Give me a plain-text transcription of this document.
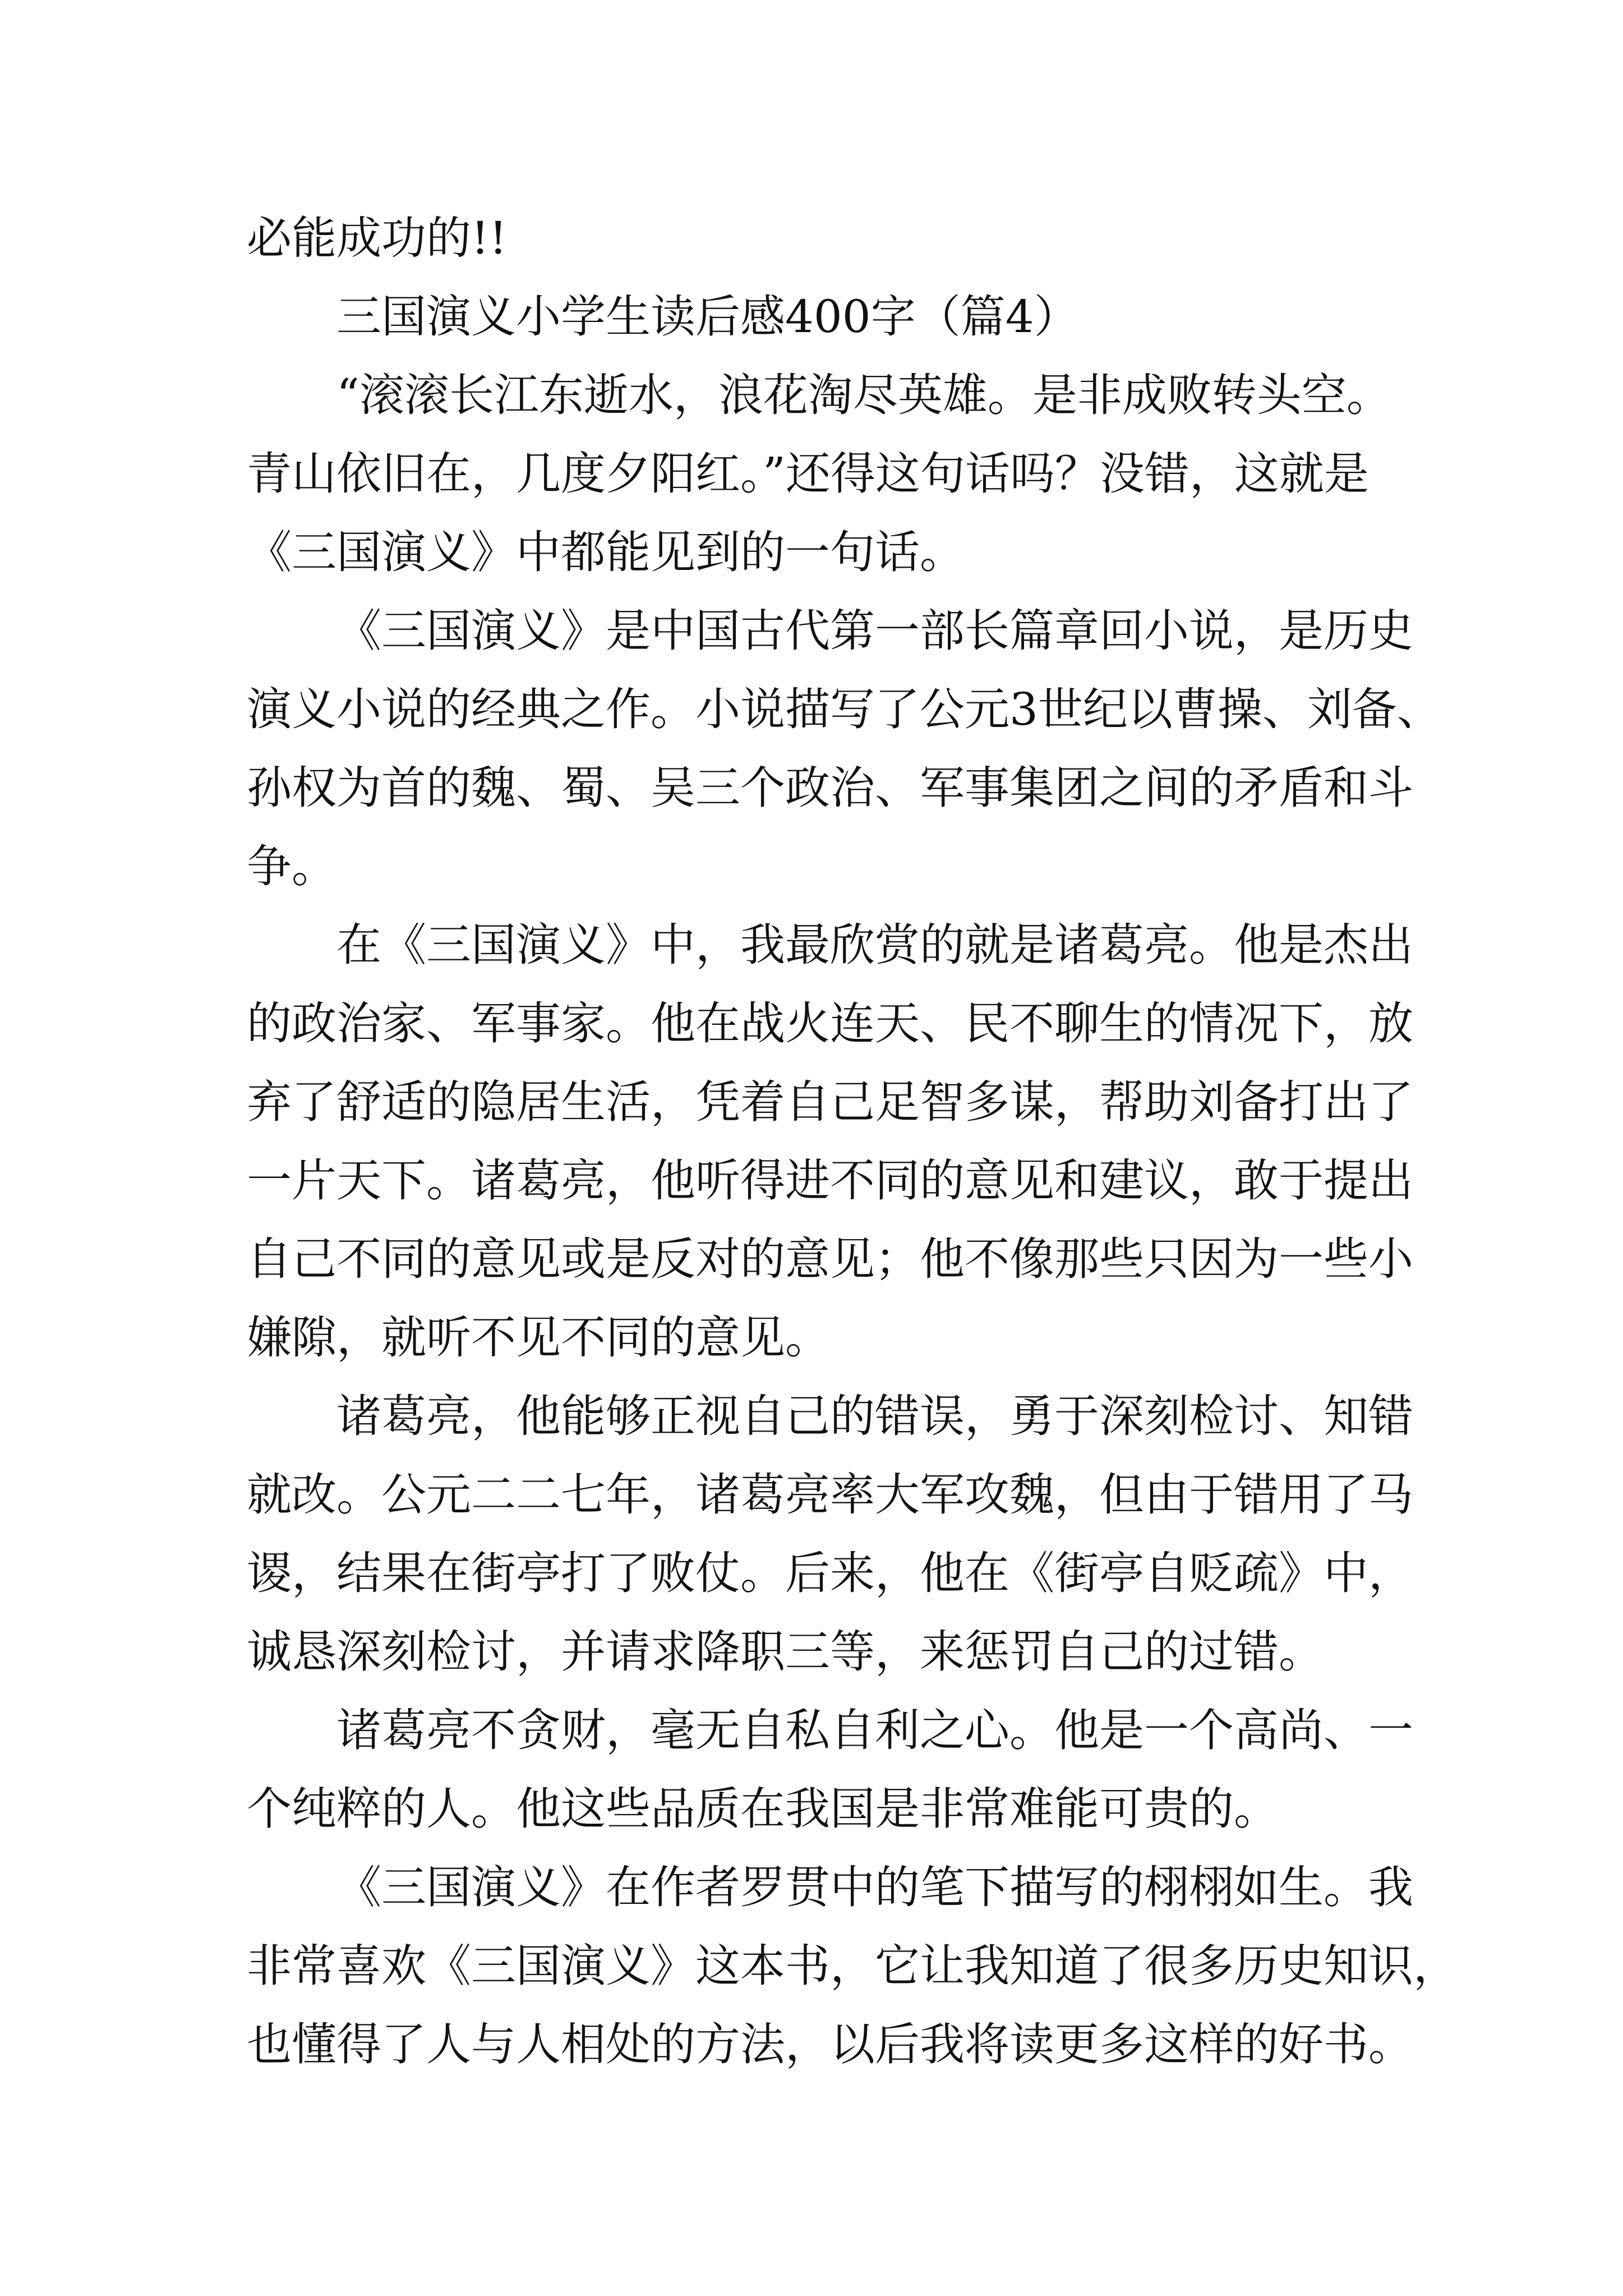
必能成功的!!
三国演义小学生读后感400字（篇4）
“滚滚长江东逝水，浪花淘尽英雄。是非成败转头空。
青山依旧在，几度夕阳红。”还得这句话吗？没错，这就是
《三国演义》中都能见到的一句话。
《三国演义》是中国古代第一部长篇章回小说，是历史
演义小说的经典之作。小说描写了公元3世纪以曹操、刘备、
孙权为首的魏、蜀、吴三个政治、军事集团之间的矛盾和斗
争。
在《三国演义》中，我最欣赏的就是诸葛亮。他是杰出
的政治家、军事家。他在战火连天、民不聊生的情况下，放
弃了舒适的隐居生活，凭着自己足智多谋，帮助刘备打出了
一片天下。诸葛亮，他听得进不同的意见和建议，敢于提出
自己不同的意见或是反对的意见；他不像那些只因为一些小
嫌隙，就听不见不同的意见。
诸葛亮，他能够正视自己的错误，勇于深刻检讨、知错
就改。公元二二七年，诸葛亮率大军攻魏，但由于错用了马
谡，结果在街亭打了败仗。后来，他在《街亭自贬疏》中，
诚恳深刻检讨，并请求降职三等，来惩罚自己的过错。
诸葛亮不贪财，毫无自私自利之心。他是一个高尚、一
个纯粹的人。他这些品质在我国是非常难能可贵的。
《三国演义》在作者罗贯中的笔下描写的栩栩如生。我
非常喜欢《三国演义》这本书，它让我知道了很多历史知识，
也懂得了人与人相处的方法，以后我将读更多这样的好书。
